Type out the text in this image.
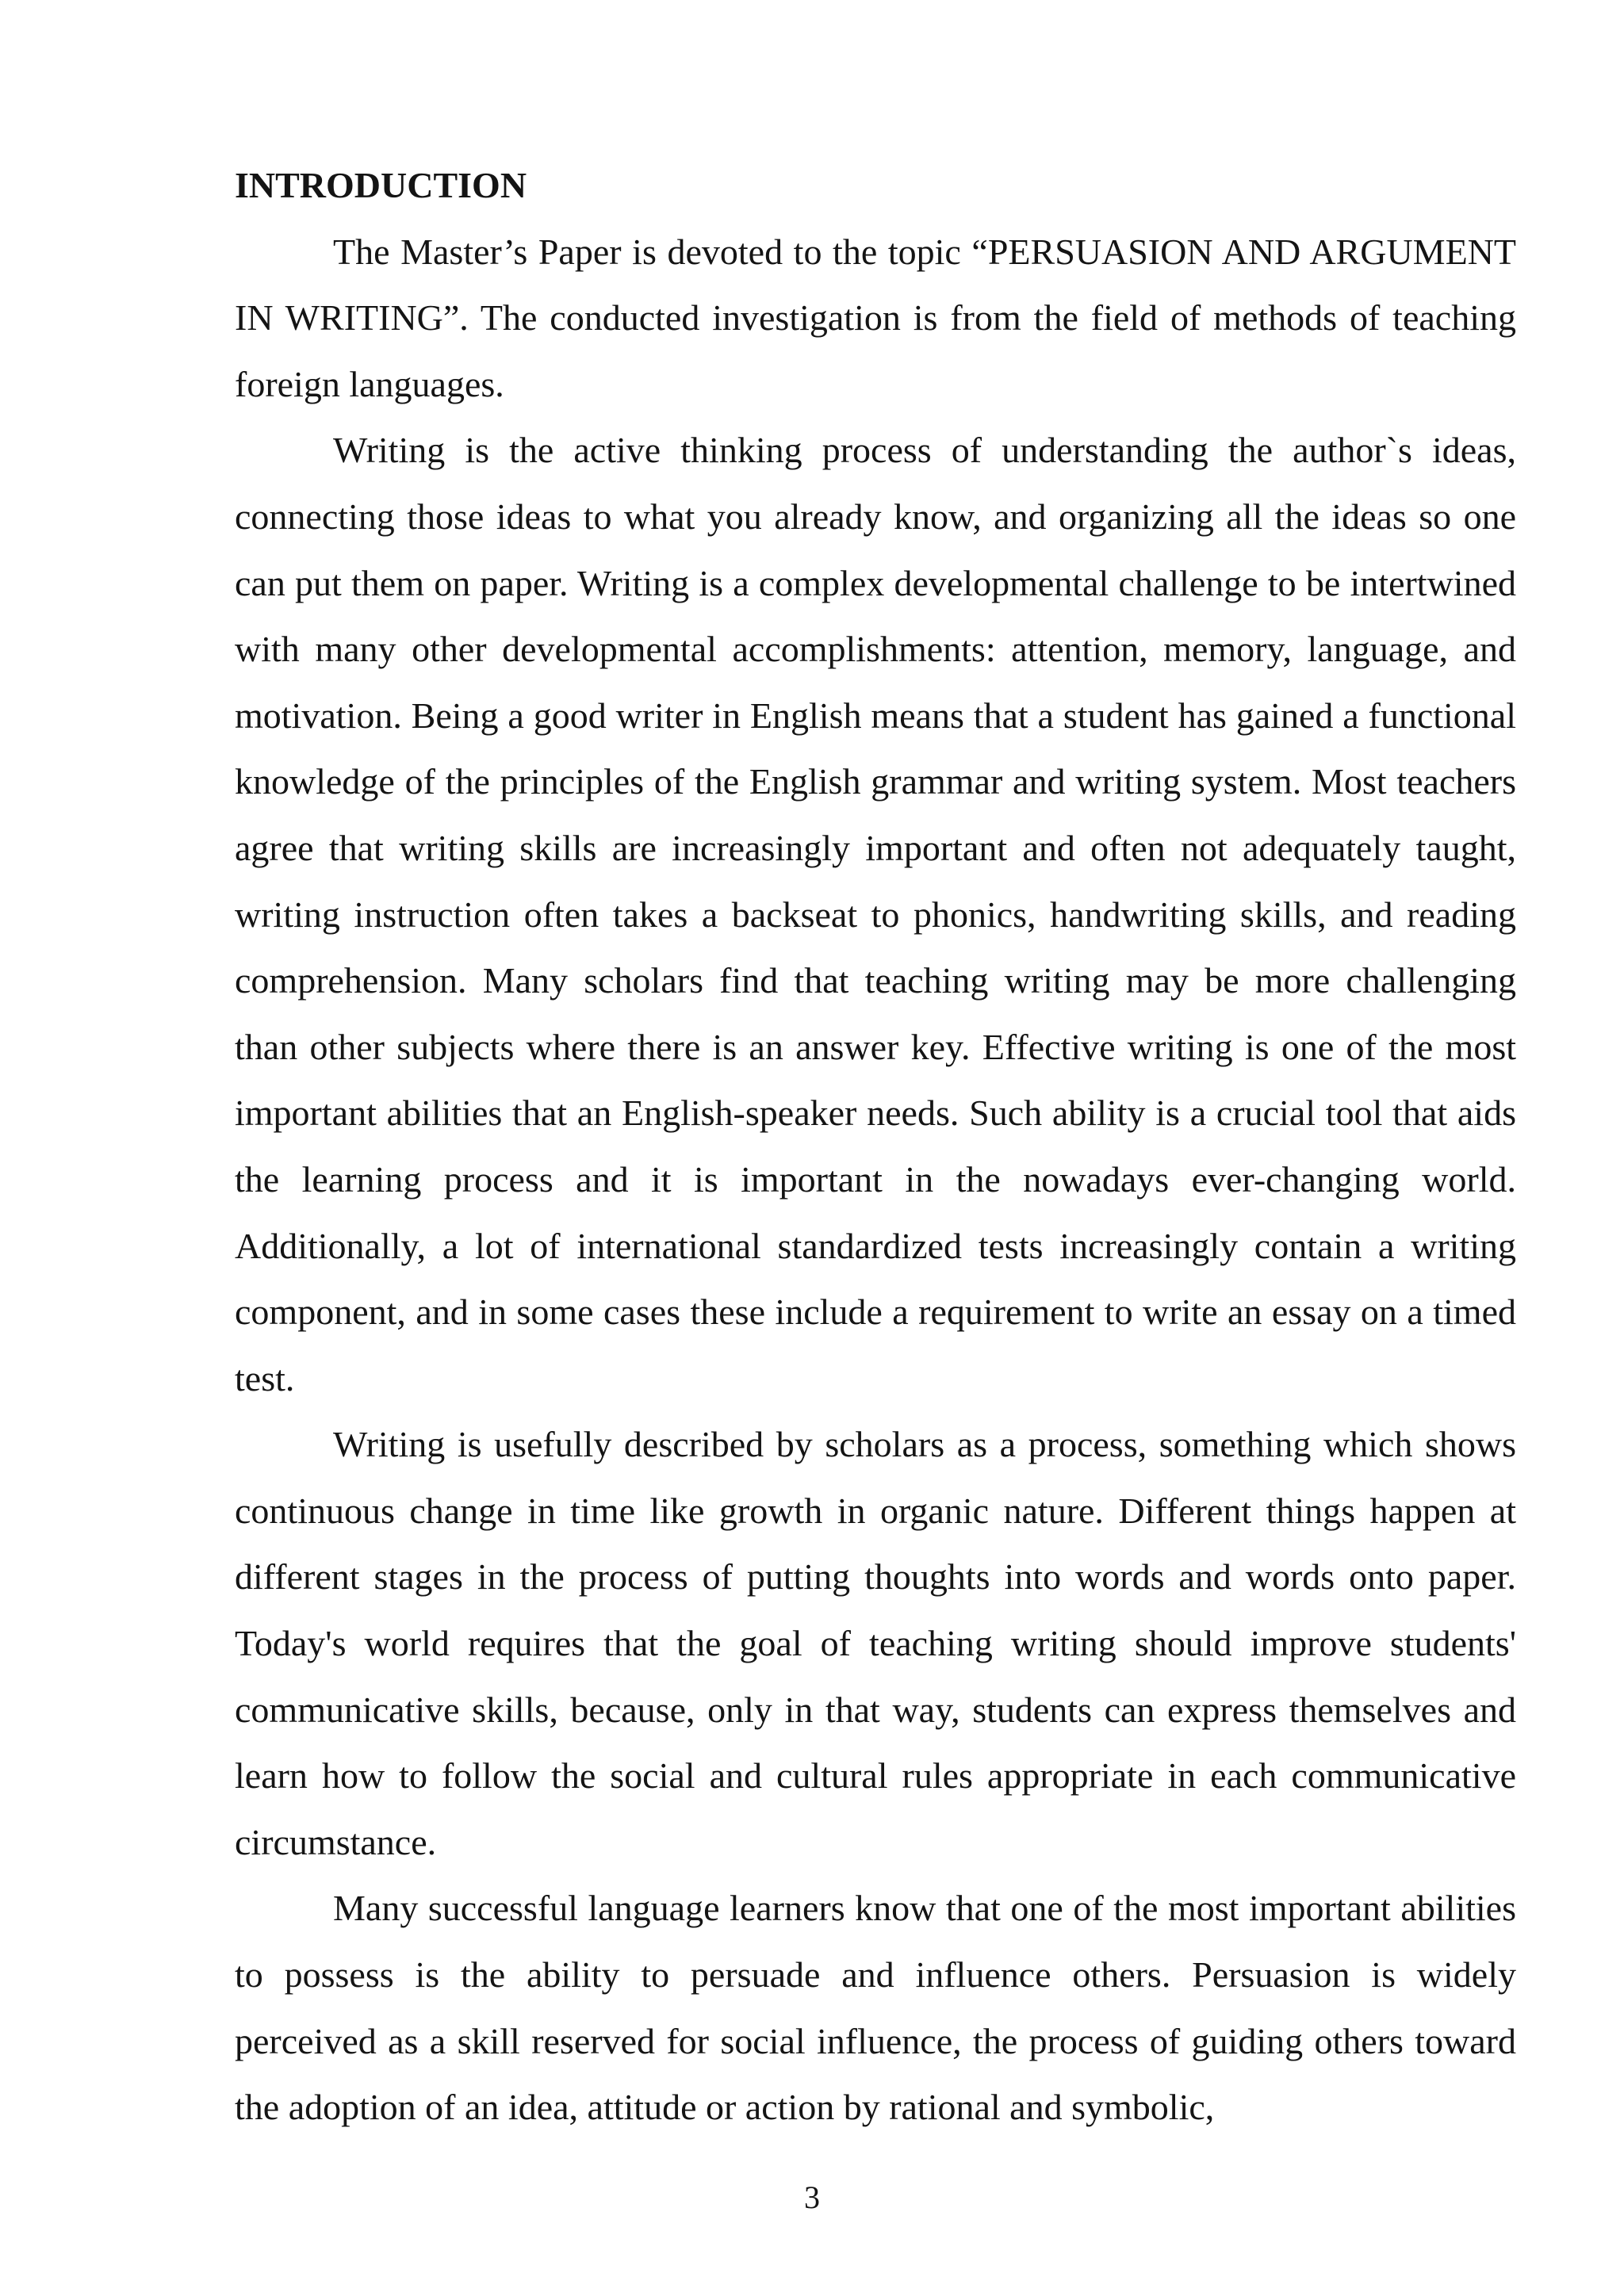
INTRODUCTION

The Master’s Paper is devoted to the topic “PERSUASION AND ARGUMENT IN WRITING”. The conducted investigation is from the field of methods of teaching foreign languages.

Writing is the active thinking process of understanding the author`s ideas, connecting those ideas to what you already know, and organizing all the ideas so one can put them on paper. Writing is a complex developmental challenge to be intertwined with many other developmental accomplishments: attention, memory, language, and motivation. Being a good writer in English means that a student has gained a functional knowledge of the principles of the English grammar and writing system. Most teachers agree that writing skills are increasingly important and often not adequately taught, writing instruction often takes a backseat to phonics, handwriting skills, and reading comprehension. Many scholars find that teaching writing may be more challenging than other subjects where there is an answer key. Effective writing is one of the most important abilities that an English-speaker needs. Such ability is a crucial tool that aids the learning process and it is important in the nowadays ever-changing world. Additionally, a lot of international standardized tests increasingly contain a writing component, and in some cases these include a requirement to write an essay on a timed test.

Writing is usefully described by scholars as a process, something which shows continuous change in time like growth in organic nature. Different things happen at different stages in the process of putting thoughts into words and words onto paper. Today's world requires that the goal of teaching writing should improve students' communicative skills, because, only in that way, students can express themselves and learn how to follow the social and cultural rules appropriate in each communicative circumstance.

Many successful language learners know that one of the most important abilities to possess is the ability to persuade and influence others. Persuasion is widely perceived as a skill reserved for social influence, the process of guiding others toward the adoption of an idea, attitude or action by rational and symbolic,

3
